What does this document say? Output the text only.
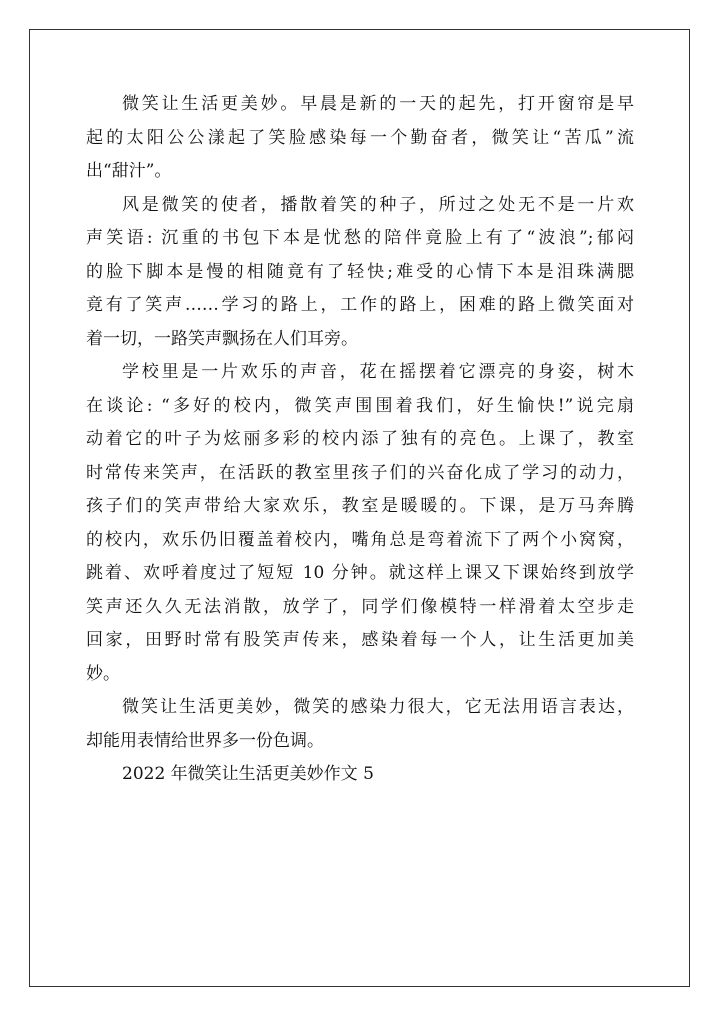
微笑让生活更美妙。早晨是新的一天的起先，打开窗帘是早
起的太阳公公漾起了笑脸感染每一个勤奋者，微笑让“苦瓜”流
出“甜汁”。
风是微笑的使者，播散着笑的种子，所过之处无不是一片欢
声笑语: 沉重的书包下本是忧愁的陪伴竟脸上有了“波浪”;郁闷
的脸下脚本是慢的相随竟有了轻快;难受的心情下本是泪珠满腮
竟有了笑声……学习的路上，工作的路上，困难的路上微笑面对
着一切，一路笑声飘扬在人们耳旁。
学校里是一片欢乐的声音，花在摇摆着它漂亮的身姿，树木
在谈论: “多好的校内，微笑声围围着我们，好生愉快!”说完扇
动着它的叶子为炫丽多彩的校内添了独有的亮色。上课了，教室
时常传来笑声，在活跃的教室里孩子们的兴奋化成了学习的动力，
孩子们的笑声带给大家欢乐，教室是暖暖的。下课，是万马奔腾
的校内，欢乐仍旧覆盖着校内，嘴角总是弯着流下了两个小窝窝，
跳着、欢呼着度过了短短 10 分钟。就这样上课又下课始终到放学
笑声还久久无法消散，放学了，同学们像模特一样滑着太空步走
回家，田野时常有股笑声传来，感染着每一个人，让生活更加美
妙。
微笑让生活更美妙，微笑的感染力很大，它无法用语言表达，
却能用表情给世界多一份色调。
2022 年微笑让生活更美妙作文 5
